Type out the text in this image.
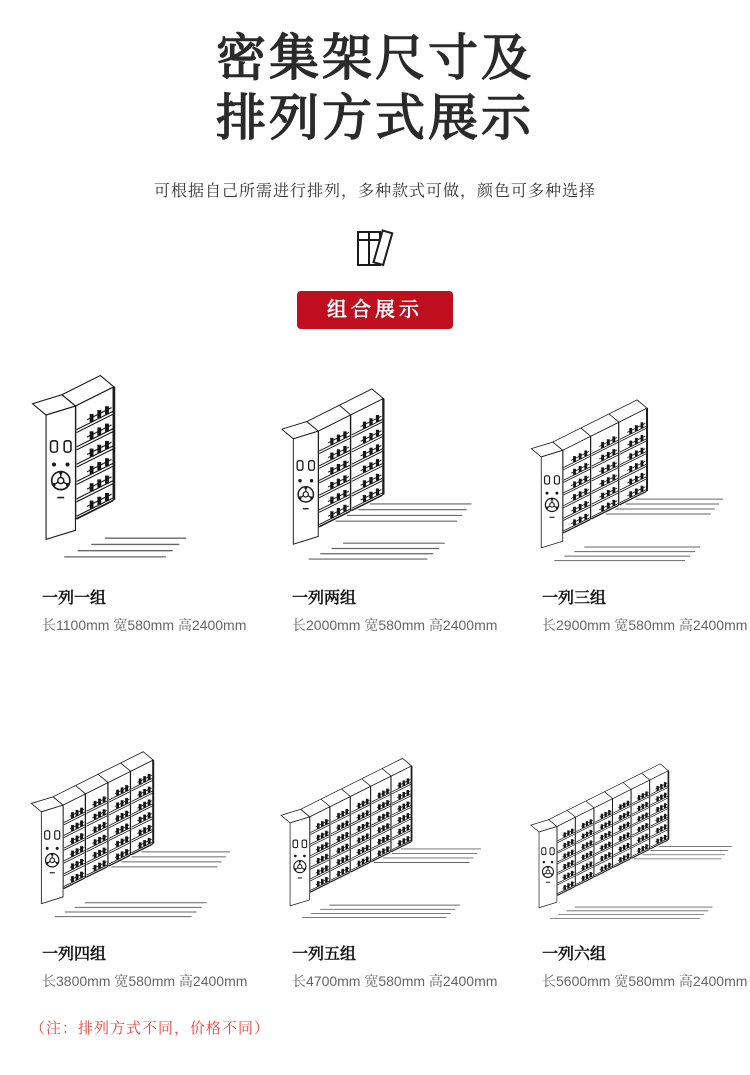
密集架尺寸及
排列方式展示
可根据自己所需进行排列，多种款式可做，颜色可多种选择
组合展示
一列一组
长1100mm 宽580mm 高2400mm
一列两组
长2000mm 宽580mm 高2400mm
一列三组
长2900mm 宽580mm 高2400mm
一列四组
长3800mm 宽580mm 高2400mm
一列五组
长4700mm 宽580mm 高2400mm
一列六组
长5600mm 宽580mm 高2400mm
（注：排列方式不同，价格不同）
